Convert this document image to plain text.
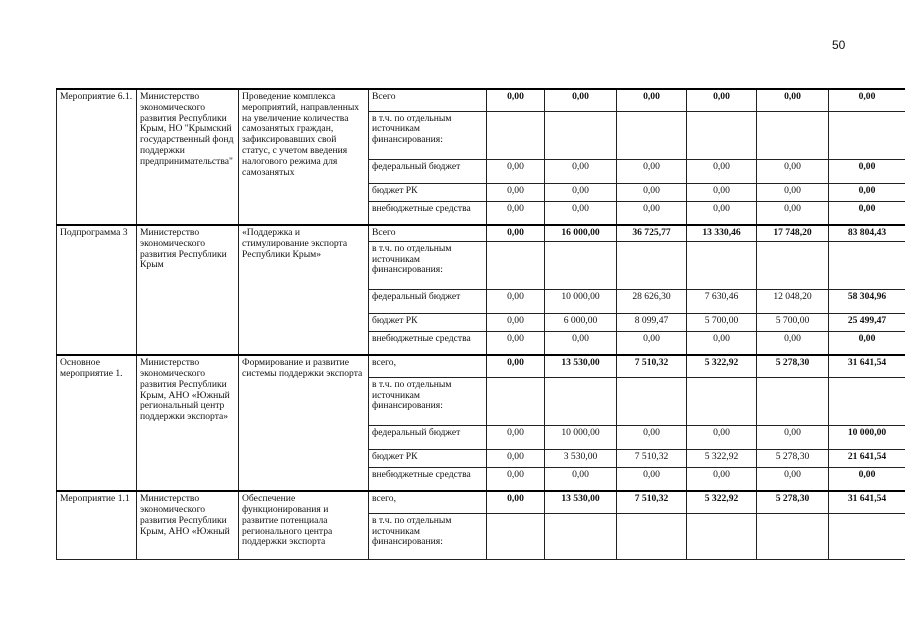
50
Мероприятие 6.1.	Министерство экономического развития Республики Крым, НО "Крымский государственный фонд поддержки предпринимательства"	Проведение комплекса мероприятий, направленных на увеличение количества самозанятых граждан, зафиксировавших свой статус, с учетом введения налогового режима для самозанятых	Всего	0,00	0,00	0,00	0,00	0,00	0,00
			в т.ч. по отдельным источникам финансирования:						
			федеральный бюджет	0,00	0,00	0,00	0,00	0,00	0,00
			бюджет РК	0,00	0,00	0,00	0,00	0,00	0,00
			внебюджетные средства	0,00	0,00	0,00	0,00	0,00	0,00
Подпрограмма 3	Министерство экономического развития Республики Крым	«Поддержка и стимулирование экспорта Республики Крым»	Всего	0,00	16 000,00	36 725,77	13 330,46	17 748,20	83 804,43
			в т.ч. по отдельным источникам финансирования:						
			федеральный бюджет	0,00	10 000,00	28 626,30	7 630,46	12 048,20	58 304,96
			бюджет РК	0,00	6 000,00	8 099,47	5 700,00	5 700,00	25 499,47
			внебюджетные средства	0,00	0,00	0,00	0,00	0,00	0,00
Основное мероприятие 1.	Министерство экономического развития Республики Крым, АНО «Южный региональный центр поддержки экспорта»	Формирование и развитие системы поддержки экспорта	всего,	0,00	13 530,00	7 510,32	5 322,92	5 278,30	31 641,54
			в т.ч. по отдельным источникам финансирования:						
			федеральный бюджет	0,00	10 000,00	0,00	0,00	0,00	10 000,00
			бюджет РК	0,00	3 530,00	7 510,32	5 322,92	5 278,30	21 641,54
			внебюджетные средства	0,00	0,00	0,00	0,00	0,00	0,00
Мероприятие 1.1	Министерство экономического развития Республики Крым, АНО «Южный	Обеспечение функционирования и развитие потенциала регионального центра поддержки экспорта	всего,	0,00	13 530,00	7 510,32	5 322,92	5 278,30	31 641,54
			в т.ч. по отдельным источникам финансирования:						
